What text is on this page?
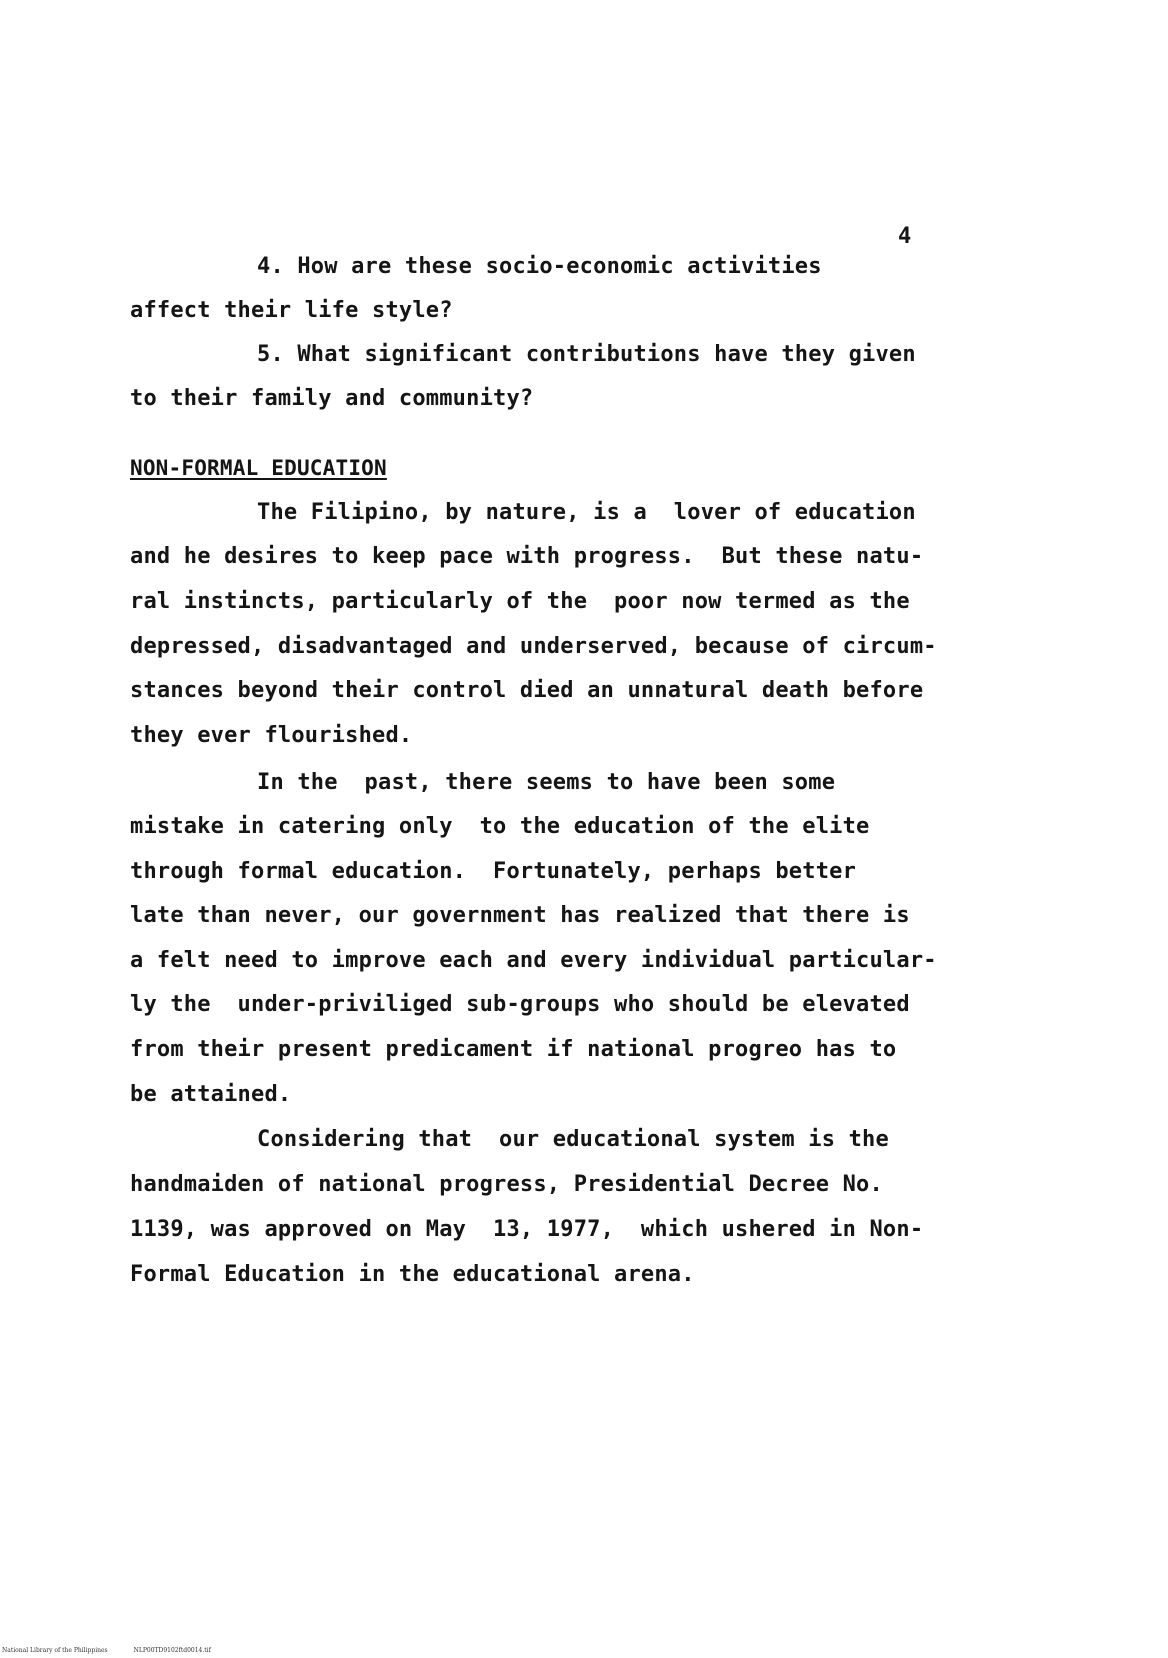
4
4. How are these socio-economic activities
affect their life style?
5. What significant contributions have they given
to their family and community?
NON-FORMAL EDUCATION
The Filipino, by nature, is a  lover of education
and he desires to keep pace with progress.  But these natu-
ral instincts, particularly of the  poor now termed as the
depressed, disadvantaged and underserved, because of circum-
stances beyond their control died an unnatural death before
they ever flourished.
In the  past, there seems to have been some
mistake in catering only  to the education of the elite
through formal education.  Fortunately, perhaps better
late than never, our government has realized that there is
a felt need to improve each and every individual particular-
ly the  under-priviliged sub-groups who should be elevated
from their present predicament if national progreo has to
be attained.
Considering that  our educational system is the
handmaiden of national progress, Presidential Decree No.
1139, was approved on May  13, 1977,  which ushered in Non-
Formal Education in the educational arena.
National Library of the Philippines	NLP00TD9102ftd0014.tif
